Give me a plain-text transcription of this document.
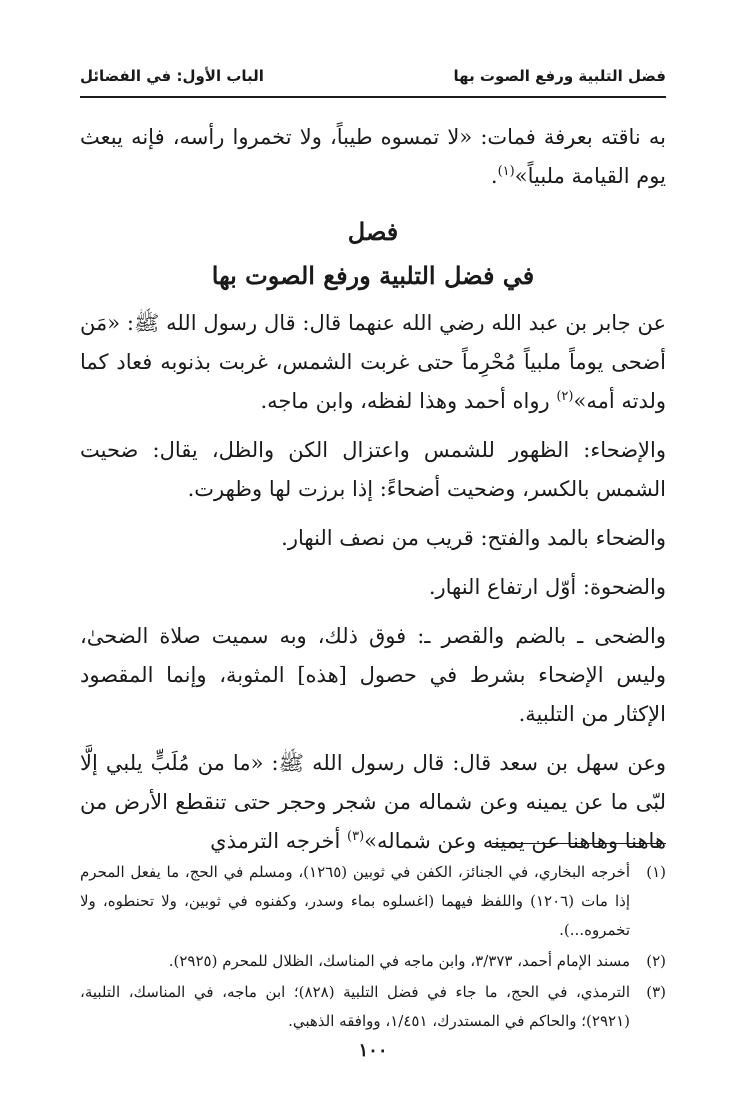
فضل التلبية ورفع الصوت بها
الباب الأول: في الفضائل

به ناقته بعرفة فمات: «لا تمسوه طيباً، ولا تخمروا رأسه، فإنه يبعث يوم القيامة ملبياً»$^{(١)}$.

فصل
في فضل التلبية ورفع الصوت بها

عن جابر بن عبد الله رضي الله عنهما قال: قال رسول الله ﷺ: «مَن أضحى يوماً ملبياً مُحْرِماً حتى غربت الشمس، غربت بذنوبه فعاد كما ولدته أمه»$^{(٢)}$ رواه أحمد وهذا لفظه، وابن ماجه.

والإضحاء: الظهور للشمس واعتزال الكن والظل، يقال: ضحيت الشمس بالكسر، وضحيت أضحاءً: إذا برزت لها وظهرت.

والضحاء بالمد والفتح: قريب من نصف النهار.

والضحوة: أوّل ارتفاع النهار.

والضحى ـ بالضم والقصر ـ: فوق ذلك، وبه سميت صلاة الضحىٰ، وليس الإضحاء بشرط في حصول [هذه] المثوبة، وإنما المقصود الإكثار من التلبية.

وعن سهل بن سعد قال: قال رسول الله ﷺ: «ما من مُلَبٍّ يلبي إلَّا لبّى ما عن يمينه وعن شماله من شجر وحجر حتى تنقطع الأرض من هاهنا وهاهنا عن يمينه وعن شماله»$^{(٣)}$ أخرجه الترمذي

(١)
أخرجه البخاري، في الجنائز، الكفن في ثوبين (١٢٦٥)، ومسلم في الحج، ما يفعل المحرم إذا مات (١٢٠٦) واللفظ فيهما (اغسلوه بماء وسدر، وكفنوه في ثوبين، ولا تحنطوه، ولا تخمروه...).
(٢)
مسند الإمام أحمد، ٣/٣٧٣، وابن ماجه في المناسك، الظلال للمحرم (٢٩٢٥).
(٣)
الترمذي، في الحج، ما جاء في فضل التلبية (٨٢٨)؛ ابن ماجه، في المناسك، التلبية، (٢٩٢١)؛ والحاكم في المستدرك، ١/٤٥١، ووافقه الذهبي.
١٠٠
